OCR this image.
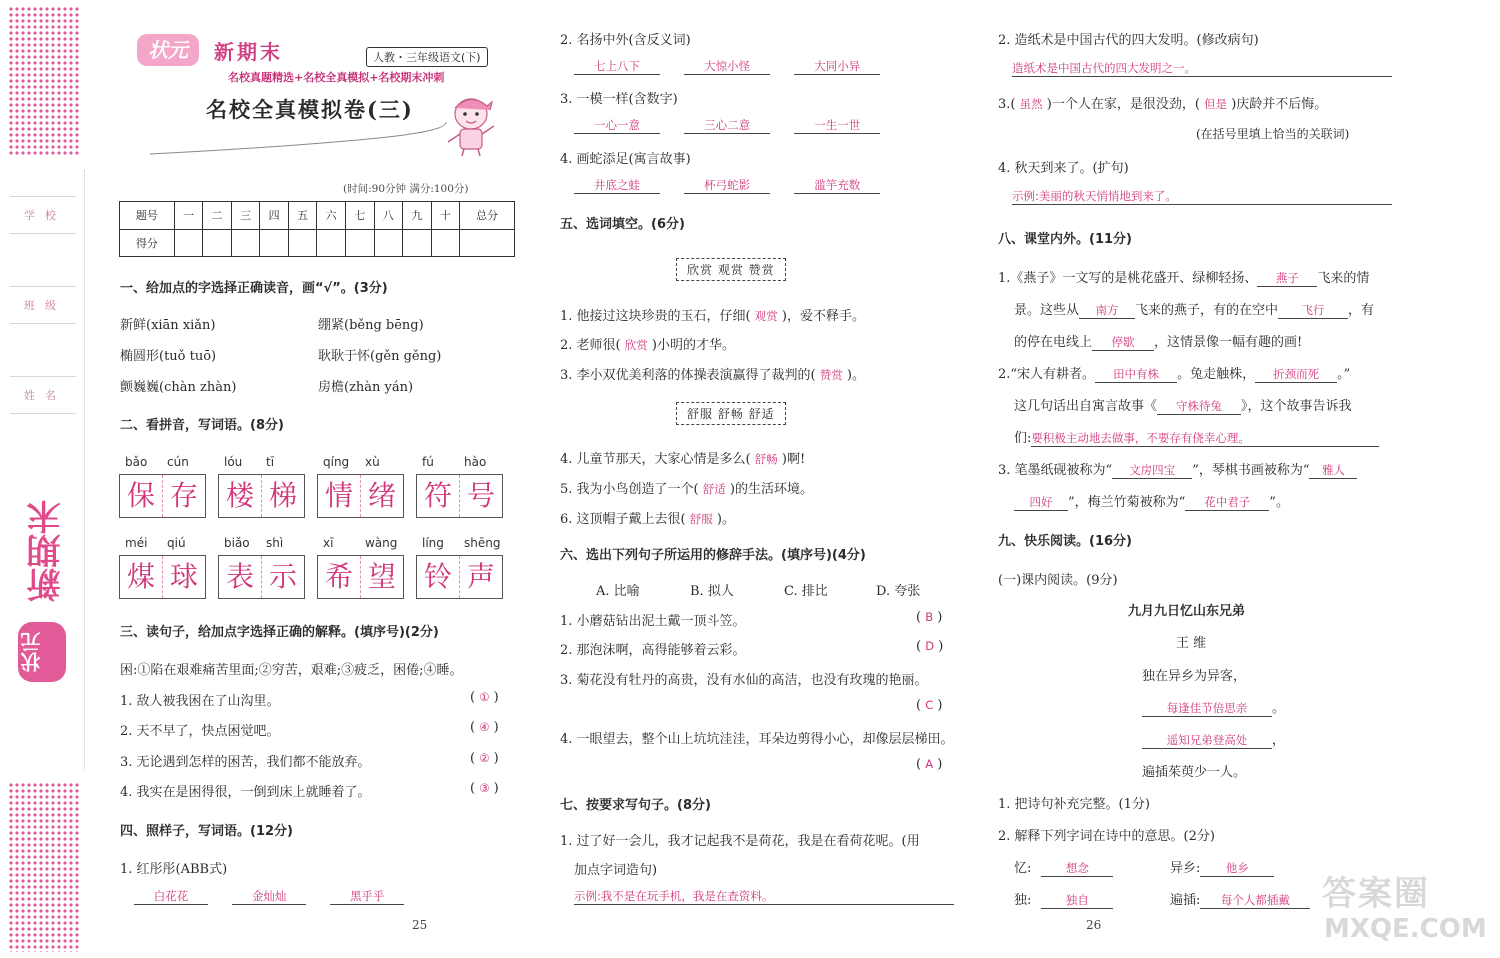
学校
班级
姓名
新期末
状元
状元	新期末	人教・三年级语文(下)
名校真题精选+名校全真模拟+名校期末冲刺
名校全真模拟卷(三)
(时间:90分钟 满分:100分)
题号	一	二	三	四	五	六	七	八	九	十	总分
得分											
一、给加点的字选择正确读音，画“√”。(3分)
新鲜(xiān xiǎn)	绷紧(běng bēng)
椭圆形(tuǒ tuō)	耿耿于怀(gěn gěng)
颤巍巍(chàn zhàn)	房檐(zhàn yán)
二、看拼音，写词语。(8分)
bǎo cún
保 存
lóu tī
楼 梯
qíng xù
情 绪
fú	hào
符 号
méi qiú
煤 球
biǎo shì
表 示
xī	wàng
希 望
líng shēng
铃 声
三、读句子，给加点字选择正确的解释。(填序号)(2分)
困:①陷在艰难痛苦里面;②穷苦，艰难;③疲乏，困倦;④睡。
1. 敌人被我困在了山沟里。	( ① )
2. 天不早了，快点困觉吧。	( ④ )
3. 无论遇到怎样的困苦，我们都不能放弃。	( ② )
4. 我实在是困得很，一倒到床上就睡着了。	( ③ )
四、照样子，写词语。(12分)
1. 红彤彤(ABB式)
白花花	金灿灿	黑乎乎
25
2. 名扬中外(含反义词)
七上八下	大惊小怪	大同小异
3. 一模一样(含数字)
一心一意	三心二意	一生一世
4. 画蛇添足(寓言故事)
井底之蛙	杯弓蛇影	滥竽充数
五、选词填空。(6分)
欣赏 观赏 赞赏
1. 他接过这块珍贵的玉石，仔细( 观赏 )，爱不释手。
2. 老师很( 欣赏 )小明的才华。
3. 李小双优美利落的体操表演赢得了裁判的( 赞赏 )。
舒服 舒畅 舒适
4. 儿童节那天，大家心情是多么( 舒畅 )啊!
5. 我为小鸟创造了一个( 舒适 )的生活环境。
6. 这顶帽子戴上去很( 舒服 )。
六、选出下列句子所运用的修辞手法。(填序号)(4分)
A. 比喻	B. 拟人	C. 排比	D. 夸张
1. 小蘑菇钻出泥土戴一顶斗笠。	( B )
2. 那泡沫啊，高得能够着云彩。	( D )
3. 菊花没有牡丹的高贵，没有水仙的高洁，也没有玫瑰的艳丽。
( C )
4. 一眼望去，整个山上坑坑洼洼，耳朵边剪得小心，却像层层梯田。
( A )
七、按要求写句子。(8分)
1. 过了好一会儿，我才记起我不是荷花，我是在看荷花呢。(用
加点字词造句)
示例:我不是在玩手机，我是在查资料。
26
2. 造纸术是中国古代的四大发明。(修改病句)
造纸术是中国古代的四大发明之一。
3.( 虽然 )一个人在家，是很没劲，( 但是 )庆龄并不后悔。
(在括号里填上恰当的关联词)
4. 秋天到来了。(扩句)
示例:美丽的秋天悄悄地到来了。
八、课堂内外。(11分)
1.《燕子》一文写的是桃花盛开、绿柳轻扬、 燕子 飞来的情
景。这些从 南方 飞来的燕子，有的在空中 飞行 ，有
的停在电线上 停歇 ，这情景像一幅有趣的画!
2.“宋人有耕者。 田中有株 。兔走触株， 折颈而死 。”
这几句话出自寓言故事《 守株待兔 》，这个故事告诉我
们:要积极主动地去做事，不要存有侥幸心理。
3. 笔墨纸砚被称为“ 文房四宝 ”，琴棋书画被称为“ 雅人
四好 ”，梅兰竹菊被称为“ 花中君子 ”。
九、快乐阅读。(16分)
(一)课内阅读。(9分)
九月九日忆山东兄弟
王 维
独在异乡为异客，
每逢佳节倍思亲 。
遥知兄弟登高处 ，
遍插茱萸少一人。
1. 把诗句补充完整。(1分)
2. 解释下列字词在诗中的意思。(2分)
忆:	想念	异乡: 他乡
独:	独自	遍插: 每个人都插戴 答案圈
MXQE.COM
